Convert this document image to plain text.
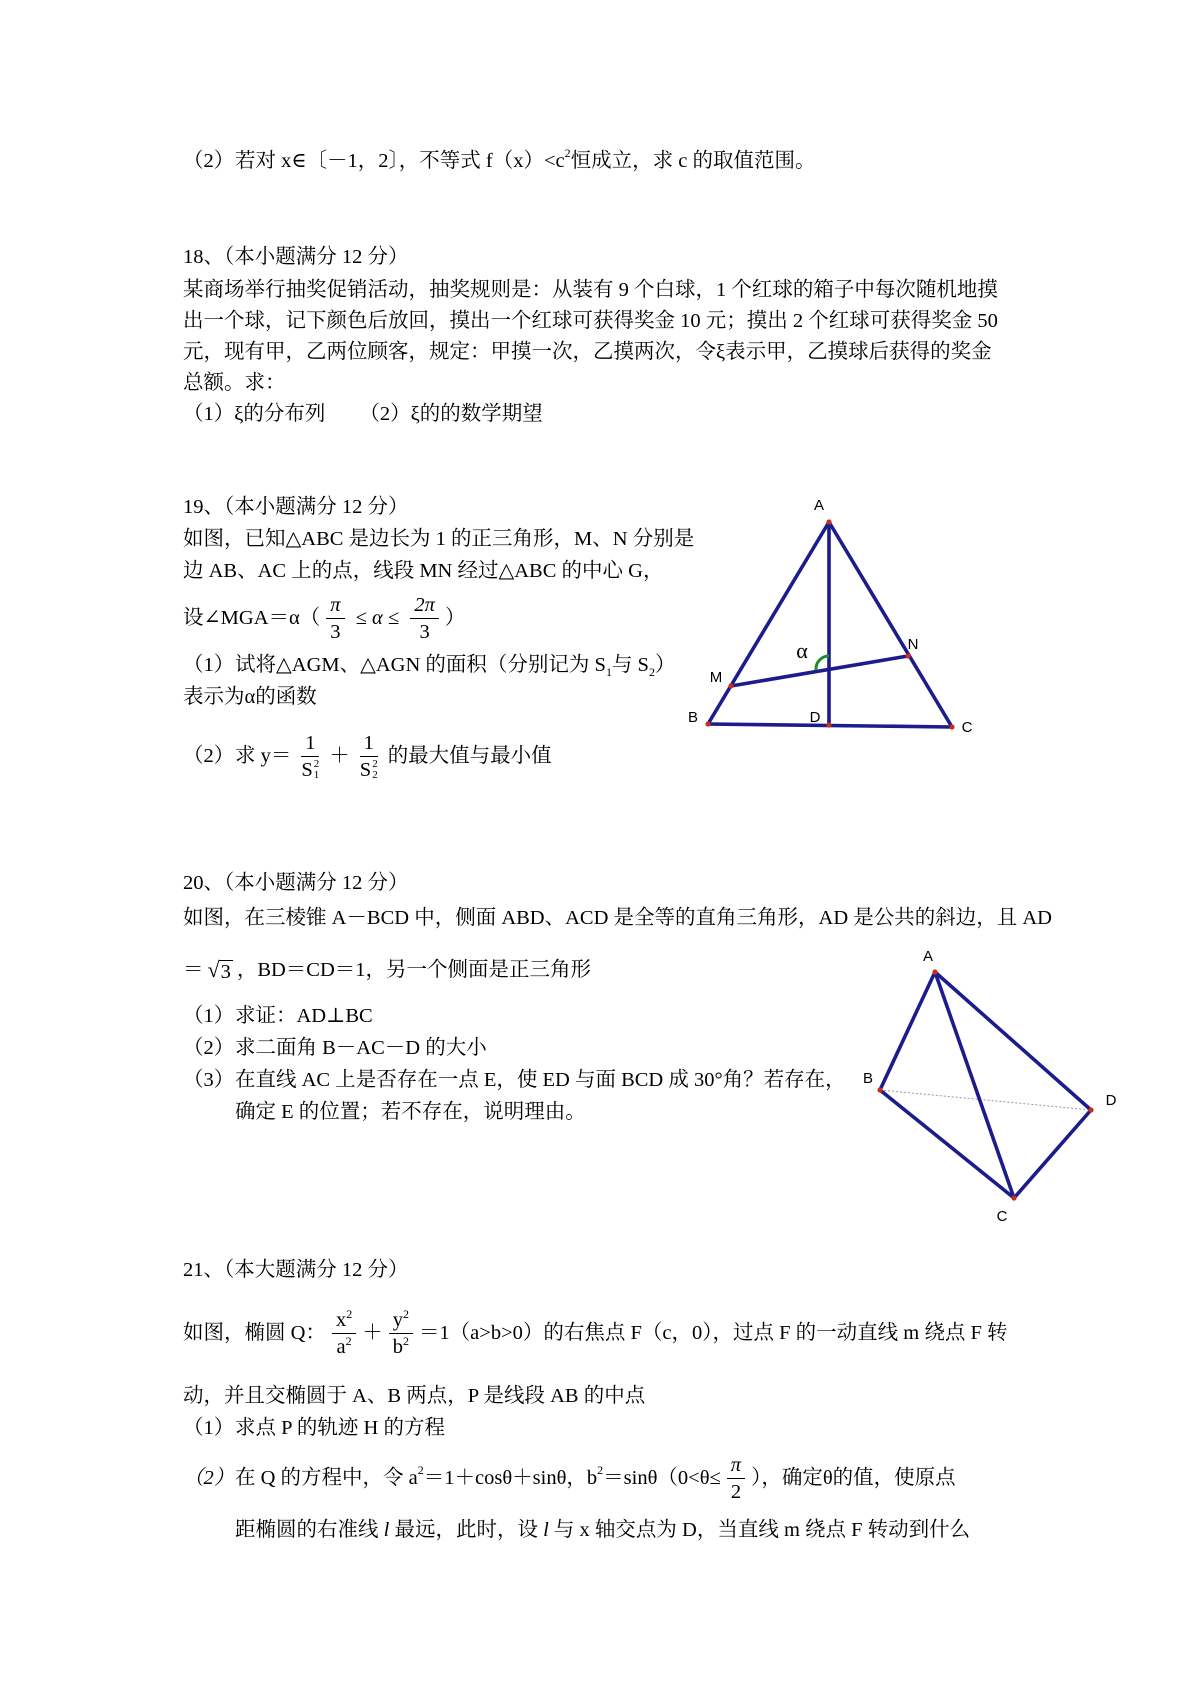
（2） 若对 x∈〔－1，2〕，不等式 f（x）<c 2 恒成立，求 c 的取值范围。
18、（本小题满分 12 分）
某商场举行抽奖促销活动，抽奖规则是：从装有 9 个白球，1 个红球的箱子中每次随机地摸
出一个球，记下颜色后放回，摸出一个红球可获得奖金 10 元；摸出 2 个红球可获得奖金 50
元，现有甲，乙两位顾客，规定：甲摸一次，乙摸两次，令ξ表示甲，乙摸球后获得的奖金
总额。求：
（1）ξ的分布列 （2）ξ的的数学期望
19、（本小题满分 12 分）
如图，已知△ABC 是边长为 1 的正三角形，M、N 分别是
边 AB、AC 上的点，线段 MN 经过△ABC 的中心 G，
设∠MGA＝α（ $\frac{\pi}{3} \le \alpha \le \frac{2\pi}{3}$ ）
（1） 试将△AGM、△AGN 的面积（分别记为 S 1 与 S 2 ）
表示为α的函数
（2） 求 y＝ 1
S 2
1 ＋ 1
S 2
2 的最大值与最小值
A
B
C
D
M
N
α
20、（本小题满分 12 分）
如图，在三棱锥 A－BCD 中，侧面 ABD、ACD 是全等的直角三角形，AD 是公共的斜边，且 AD
＝ √ 3 ，BD＝CD＝1，另一个侧面是正三角形
（1） 求证：AD⊥BC
（2） 求二面角 B－AC－D 的大小
（3） 在直线 AC 上是否存在一点 E，使 ED 与面 BCD 成 30°角？若存在，
确定 E 的位置；若不存在，说明理由。
A
B
D
C
21、（本大题满分 12 分）
如图，椭圆 Q： $\frac{x 2}{a 2} + \frac{y 2}{b 2} =1(a>b>0)$的右焦点 F（c，0），过点 F 的一动直线 m 绕点 F 转
动，并且交椭圆于 A、B 两点，P 是线段 AB 的中点
（1） 求点 P 的轨迹 H 的方程
（2） 在 Q 的方程中，令 a 2 ＝1＋cosθ＋sinθ，b $2 =\sin\theta(0<\theta\le \frac{\pi}{2}$ ），确定θ的值，使原点
距椭圆的右准线 l 最远，此时，设 l 与 x 轴交点为 D，当直线 m 绕点 F 转动到什么
